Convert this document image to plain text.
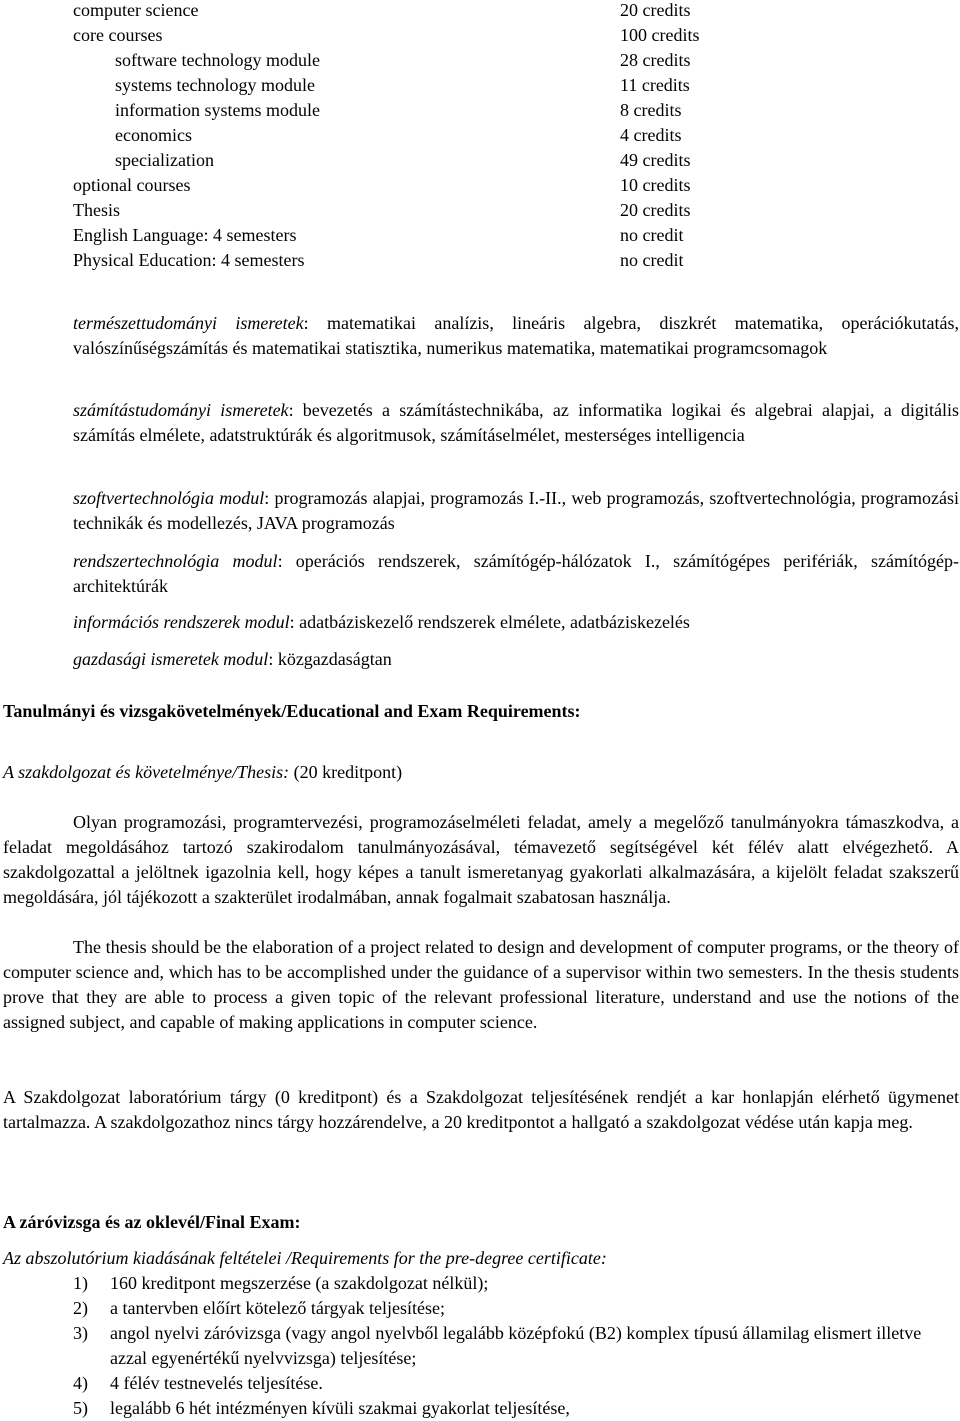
computer science	20 credits
core courses	100 credits
software technology module	28 credits
systems technology module	11 credits
information systems module	8 credits
economics	4 credits
specialization	49 credits
optional courses	10 credits
Thesis	20 credits
English Language: 4 semesters	no credit
Physical Education: 4 semesters	no credit
természettudományi ismeretek: matematikai analízis, lineáris algebra, diszkrét matematika, operációkutatás, valószínűségszámítás és matematikai statisztika, numerikus matematika, matematikai programcsomagok
számítástudományi ismeretek: bevezetés a számítástechnikába, az informatika logikai és algebrai alapjai, a digitális számítás elmélete, adatstruktúrák és algoritmusok, számításelmélet, mesterséges intelligencia
szoftvertechnológia modul: programozás alapjai, programozás I.-II., web programozás, szoftvertechnológia, programozási technikák és modellezés, JAVA programozás
rendszertechnológia modul: operációs rendszerek, számítógép-hálózatok I., számítógépes perifériák, számítógép-architektúrák
információs rendszerek modul: adatbáziskezelő rendszerek elmélete, adatbáziskezelés
gazdasági ismeretek modul: közgazdaságtan
Tanulmányi és vizsgakövetelmények/Educational and Exam Requirements:
A szakdolgozat és követelménye/Thesis: (20 kreditpont)
Olyan programozási, programtervezési, programozáselméleti feladat, amely a megelőző tanulmányokra támaszkodva, a feladat megoldásához tartozó szakirodalom tanulmányozásával, témavezető segítségével két félév alatt elvégezhető. A szakdolgozattal a jelöltnek igazolnia kell, hogy képes a tanult ismeretanyag gyakorlati alkalmazására, a kijelölt feladat szakszerű megoldására, jól tájékozott a szakterület irodalmában, annak fogalmait szabatosan használja.
The thesis should be the elaboration of a project related to design and development of computer programs, or the theory of computer science and, which has to be accomplished under the guidance of a supervisor within two semesters. In the thesis students prove that they are able to process a given topic of the relevant professional literature, understand and use the notions of the assigned subject, and capable of making applications in computer science.
A Szakdolgozat laboratórium tárgy (0 kreditpont) és a Szakdolgozat teljesítésének rendjét a kar honlapján elérhető ügymenet tartalmazza. A szakdolgozathoz nincs tárgy hozzárendelve, a 20 kreditpontot a hallgató a szakdolgozat védése után kapja meg.
A záróvizsga és az oklevél/Final Exam:
Az abszolutórium kiadásának feltételei /Requirements for the pre-degree certificate:
1) 160 kreditpont megszerzése (a szakdolgozat nélkül);
2) a tantervben előírt kötelező tárgyak teljesítése;
3) angol nyelvi záróvizsga (vagy angol nyelvből legalább középfokú (B2) komplex típusú államilag elismert illetve azzal egyenértékű nyelvvizsga) teljesítése;
4) 4 félév testnevelés teljesítése.
5) legalább 6 hét intézményen kívüli szakmai gyakorlat teljesítése,
